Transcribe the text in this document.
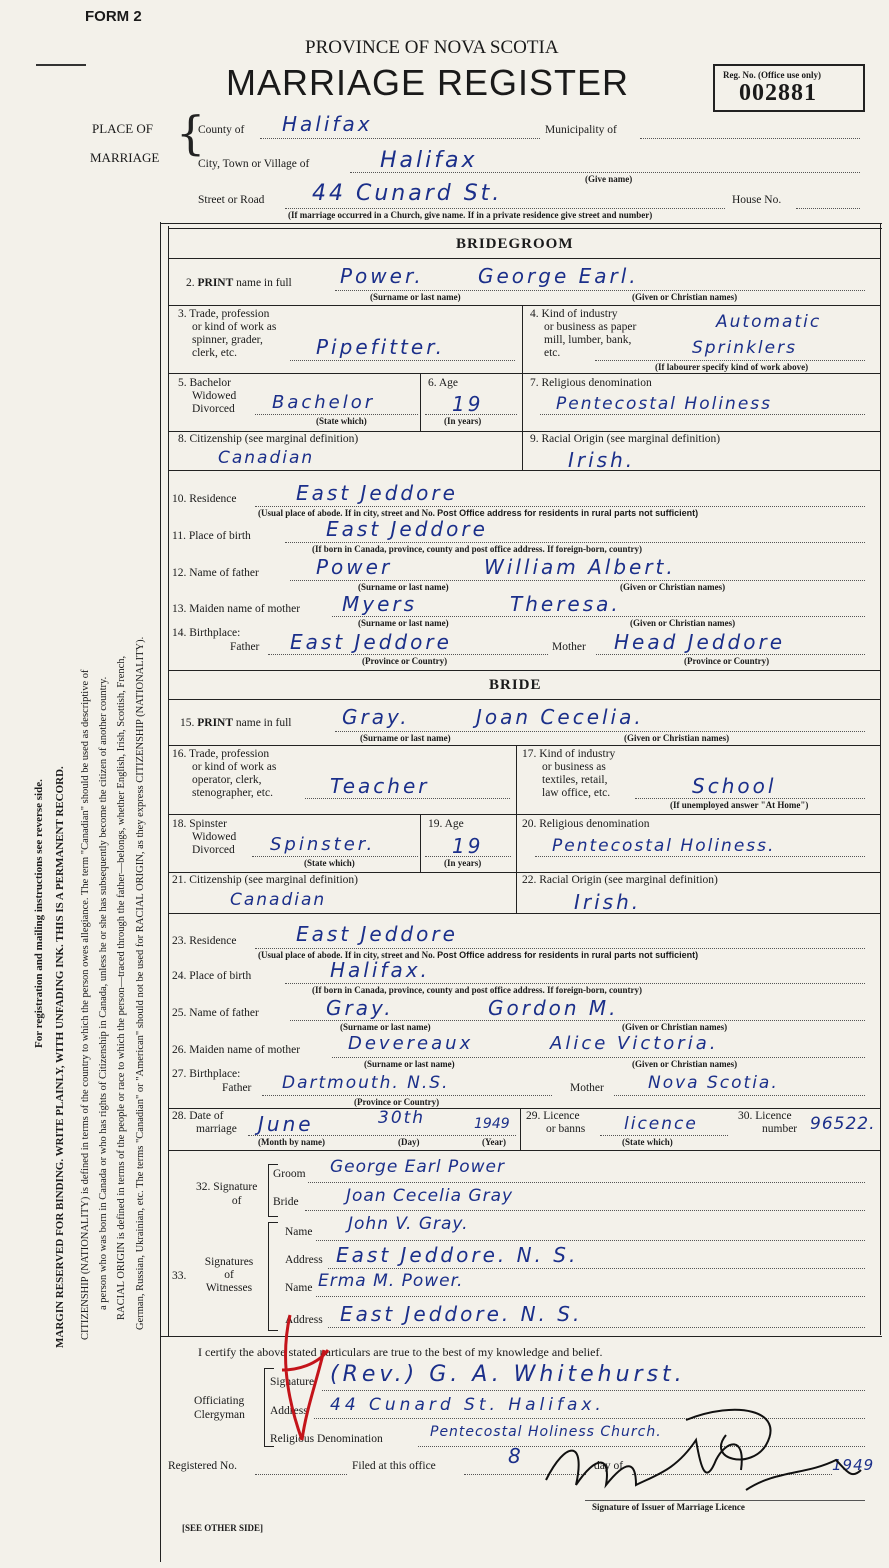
FORM 2
PROVINCE OF NOVA SCOTIA
MARRIAGE REGISTER	Reg. No. (Office use only)
002881
PLACE OF
MARRIAGE {
County of Halifax	Municipality of
City, Town or Village of	Halifax
(Give name)
Street or Road 44 Cunard St.	House No.
(If marriage occurred in a Church, give name. If in a private residence give street and number)
For registration and mailing instructions see reverse side. MARGIN RESERVED FOR BINDING. WRITE PLAINLY, WITH UNFADING INK. THIS IS A PERMANENT RECORD. CITIZENSHIP (NATIONALITY) is defined in terms of the country to which the person owes allegiance. The term "Canadian" should be used as descriptive of a person who was born in Canada or who has rights of Citizenship in Canada, unless he or she has subsequently become the citizen of another country. RACIAL ORIGIN is defined in terms of the people or race to which the person—traced through the father—belongs, whether English, Irish, Scottish, French, German, Russian, Ukrainian, etc. The terms "Canadian" or "American" should not be used for RACIAL ORIGIN, as they express CITIZENSHIP (NATIONALITY).
BRIDEGROOM
2. PRINT name in full Power.	George Earl.
(Surname or last name)	(Given or Christian names)
3. Trade, profession
or kind of work as
spinner, grader,
clerk, etc.	Pipefitter.
4. Kind of industry
or business as paper
mill, lumber, bank,
etc.
Automatic
Sprinklers
(If labourer specify kind of work above)
5. Bachelor
Widowed
Divorced Bachelor
(State which)
6. Age
19
(In years)
7. Religious denomination
Pentecostal Holiness
8. Citizenship (see marginal definition)
Canadian
9. Racial Origin (see marginal definition)
Irish.
10. Residence	East Jeddore
(Usual place of abode. If in city, street and No. Post Office address for residents in rural parts not sufficient)
11. Place of birth	East Jeddore
(If born in Canada, province, county and post office address. If foreign-born, country)
12. Name of father	Power	William Albert.
(Surname or last name)	(Given or Christian names)
13. Maiden name of mother Myers	Theresa.
(Surname or last name)	(Given or Christian names)
14. Birthplace:
Father East Jeddore	Mother Head Jeddore
(Province or Country)	(Province or Country)
BRIDE
15. PRINT name in full	Gray.	Joan Cecelia.
(Surname or last name)	(Given or Christian names)
16. Trade, profession
or kind of work as
operator, clerk,
stenographer, etc.	Teacher
17. Kind of industry
or business as
textiles, retail,
law office, etc.	School
(If unemployed answer "At Home")
18. Spinster
Widowed
Divorced Spinster.
(State which)
19. Age
19
(In years)
20. Religious denomination
Pentecostal Holiness.
21. Citizenship (see marginal definition)
Canadian
22. Racial Origin (see marginal definition)
Irish.
23. Residence	East Jeddore
(Usual place of abode. If in city, street and No. Post Office address for residents in rural parts not sufficient)
24. Place of birth	Halifax.
(If born in Canada, province, county and post office address. If foreign-born, country)
25. Name of father	Gray.	Gordon M.
(Surname or last name)	(Given or Christian names)
26. Maiden name of mother	Devereaux	Alice Victoria.
(Surname or last name)	(Given or Christian names)
27. Birthplace:
Father Dartmouth. N.S.	Mother	Nova Scotia.
(Province or Country)
28. Date of
marriage June	30th	1949
(Month by name)	(Day)	(Year)
29. Licence
or banns licence
(State which)
30. Licence
number 96522.
32. Signature
of
Groom George Earl Power
Bride	Joan Cecelia Gray
33.
Signatures
of
Witnesses
Name John V. Gray.
Address East Jeddore. N. S.
Name Erma M. Power.
Address East Jeddore. N. S.
I certify the above stated particulars are true to the best of my knowledge and belief.
Officiating
Clergyman
Signature (Rev.) G. A. Whitehurst.
Address 44 Cunard St. Halifax.
Religious Denomination	Pentecostal Holiness Church.
Registered No.	Filed at this office	8	day of	1949
Signature of Issuer of Marriage Licence
[SEE OTHER SIDE]
